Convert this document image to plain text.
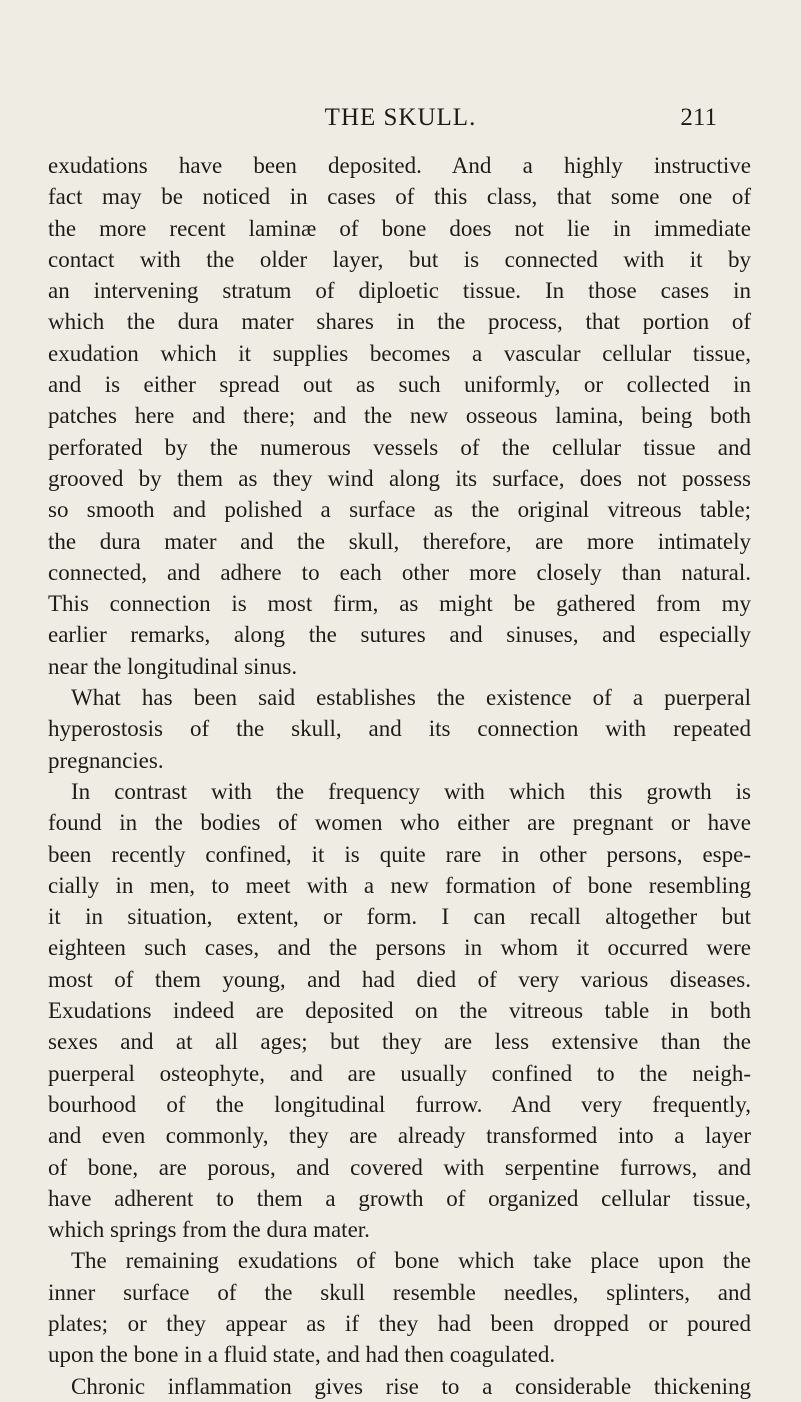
THE SKULL.	211
exudations have been deposited. And a highly instructive
fact may be noticed in cases of this class, that some one of
the more recent laminæ of bone does not lie in immediate
contact with the older layer, but is connected with it by
an intervening stratum of diploetic tissue. In those cases in
which the dura mater shares in the process, that portion of
exudation which it supplies becomes a vascular cellular tissue,
and is either spread out as such uniformly, or collected in
patches here and there; and the new osseous lamina, being both
perforated by the numerous vessels of the cellular tissue and
grooved by them as they wind along its surface, does not possess
so smooth and polished a surface as the original vitreous table;
the dura mater and the skull, therefore, are more intimately
connected, and adhere to each other more closely than natural.
This connection is most firm, as might be gathered from my
earlier remarks, along the sutures and sinuses, and especially
near the longitudinal sinus.
What has been said establishes the existence of a puerperal
hyperostosis of the skull, and its connection with repeated
pregnancies.
In contrast with the frequency with which this growth is
found in the bodies of women who either are pregnant or have
been recently confined, it is quite rare in other persons, espe-
cially in men, to meet with a new formation of bone resembling
it in situation, extent, or form. I can recall altogether but
eighteen such cases, and the persons in whom it occurred were
most of them young, and had died of very various diseases.
Exudations indeed are deposited on the vitreous table in both
sexes and at all ages; but they are less extensive than the
puerperal osteophyte, and are usually confined to the neigh-
bourhood of the longitudinal furrow. And very frequently,
and even commonly, they are already transformed into a layer
of bone, are porous, and covered with serpentine furrows, and
have adherent to them a growth of organized cellular tissue,
which springs from the dura mater.
The remaining exudations of bone which take place upon the
inner surface of the skull resemble needles, splinters, and
plates; or they appear as if they had been dropped or poured
upon the bone in a fluid state, and had then coagulated.
Chronic inflammation gives rise to a considerable thickening
